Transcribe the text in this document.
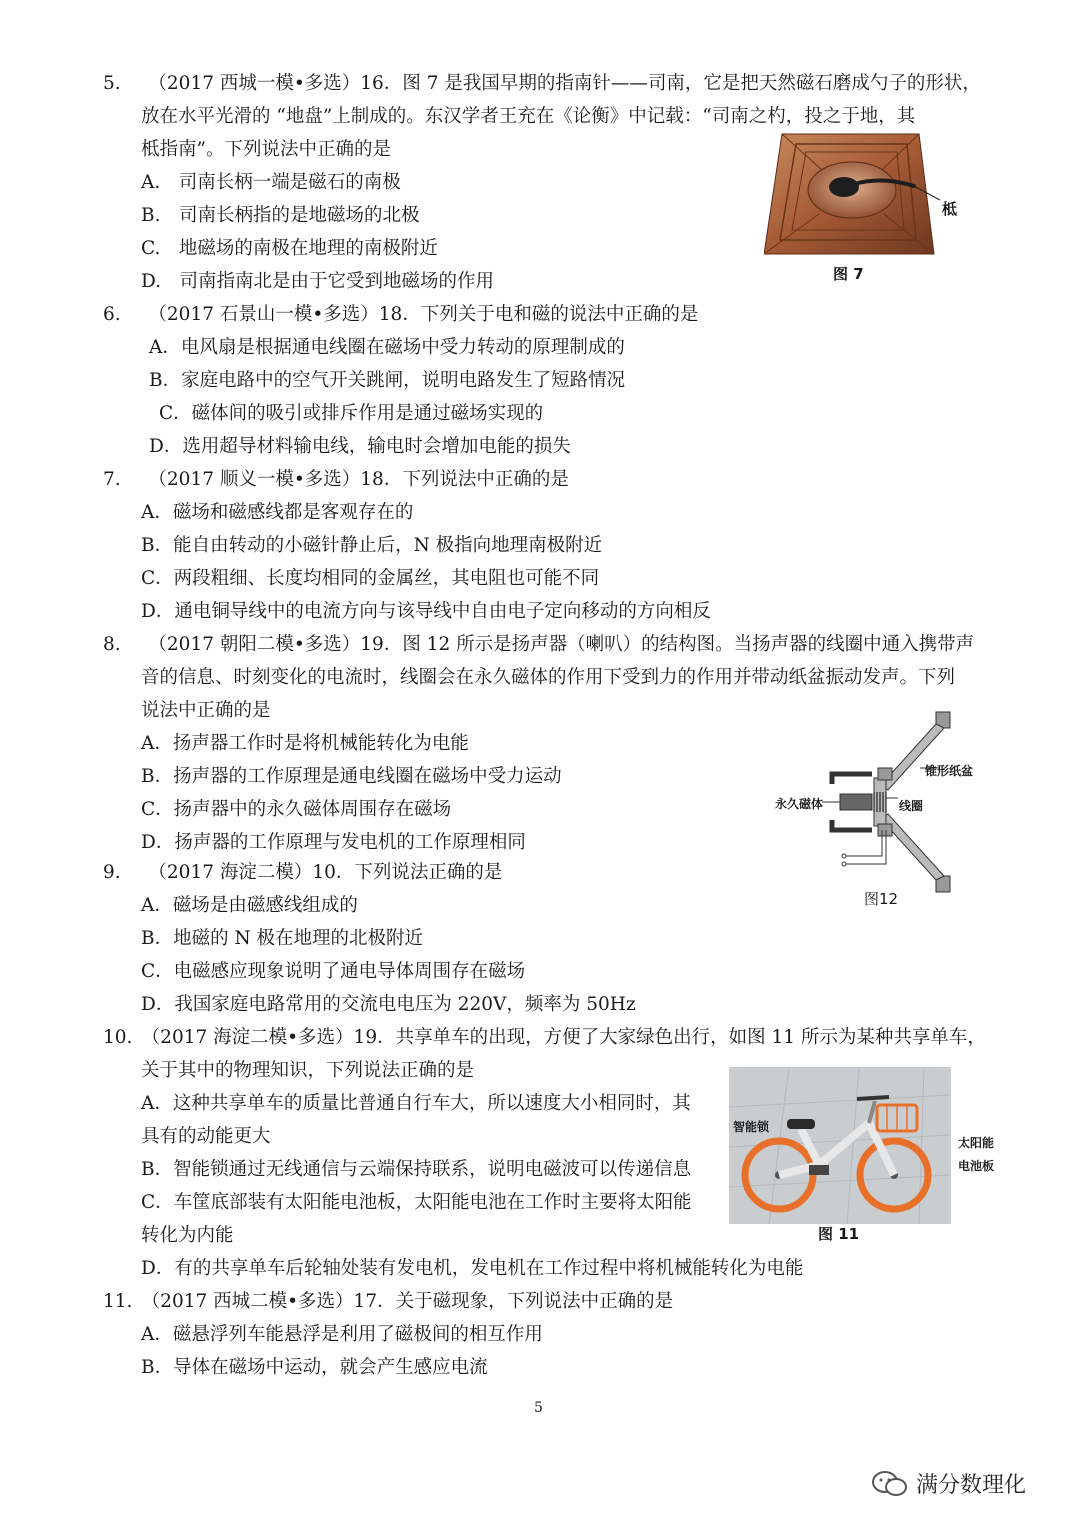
5.　　（2017 西城一模•多选）16．图 7 是我国早期的指南针——司南，它是把天然磁石磨成勺子的形状，
放在水平光滑的 “地盘”上制成的。东汉学者王充在《论衡》中记载：“司南之杓，投之于地，其
柢指南”。下列说法中正确的是
A.　司南长柄一端是磁石的南极
B.　司南长柄指的是地磁场的北极
C.　地磁场的南极在地理的南极附近
D.　司南指南北是由于它受到地磁场的作用
柢
图 7
6.　　（2017 石景山一模•多选）18．下列关于电和磁的说法中正确的是
A．电风扇是根据通电线圈在磁场中受力转动的原理制成的
B．家庭电路中的空气开关跳闸，说明电路发生了短路情况
C．磁体间的吸引或排斥作用是通过磁场实现的
D．选用超导材料输电线，输电时会增加电能的损失
7.　　（2017 顺义一模•多选）18．下列说法中正确的是
A．磁场和磁感线都是客观存在的
B．能自由转动的小磁针静止后，N 极指向地理南极附近
C．两段粗细、长度均相同的金属丝，其电阻也可能不同
D．通电铜导线中的电流方向与该导线中自由电子定向移动的方向相反
8.　　（2017 朝阳二模•多选）19．图 12 所示是扬声器（喇叭）的结构图。当扬声器的线圈中通入携带声
音的信息、时刻变化的电流时，线圈会在永久磁体的作用下受到力的作用并带动纸盆振动发声。下列
说法中正确的是
A．扬声器工作时是将机械能转化为电能
B．扬声器的工作原理是通电线圈在磁场中受力运动
C．扬声器中的永久磁体周围存在磁场
D．扬声器的工作原理与发电机的工作原理相同
锥形纸盆
永久磁体	线圈
图12
9.　　（2017 海淀二模）10．下列说法正确的是
A．磁场是由磁感线组成的
B．地磁的 N 极在地理的北极附近
C．电磁感应现象说明了通电导体周围存在磁场
D．我国家庭电路常用的交流电电压为 220V，频率为 50Hz
10.　（2017 海淀二模•多选）19．共享单车的出现，方便了大家绿色出行，如图 11 所示为某种共享单车，
关于其中的物理知识，下列说法正确的是
A．这种共享单车的质量比普通自行车大，所以速度大小相同时，其
具有的动能更大
B．智能锁通过无线通信与云端保持联系，说明电磁波可以传递信息
C．车筐底部装有太阳能电池板，太阳能电池在工作时主要将太阳能
转化为内能
D．有的共享单车后轮轴处装有发电机，发电机在工作过程中将机械能转化为电能
智能锁
太阳能
电池板
图 11
11.　（2017 西城二模•多选）17．关于磁现象，下列说法中正确的是
A．磁悬浮列车能悬浮是利用了磁极间的相互作用
B．导体在磁场中运动，就会产生感应电流
5
满分数理化
